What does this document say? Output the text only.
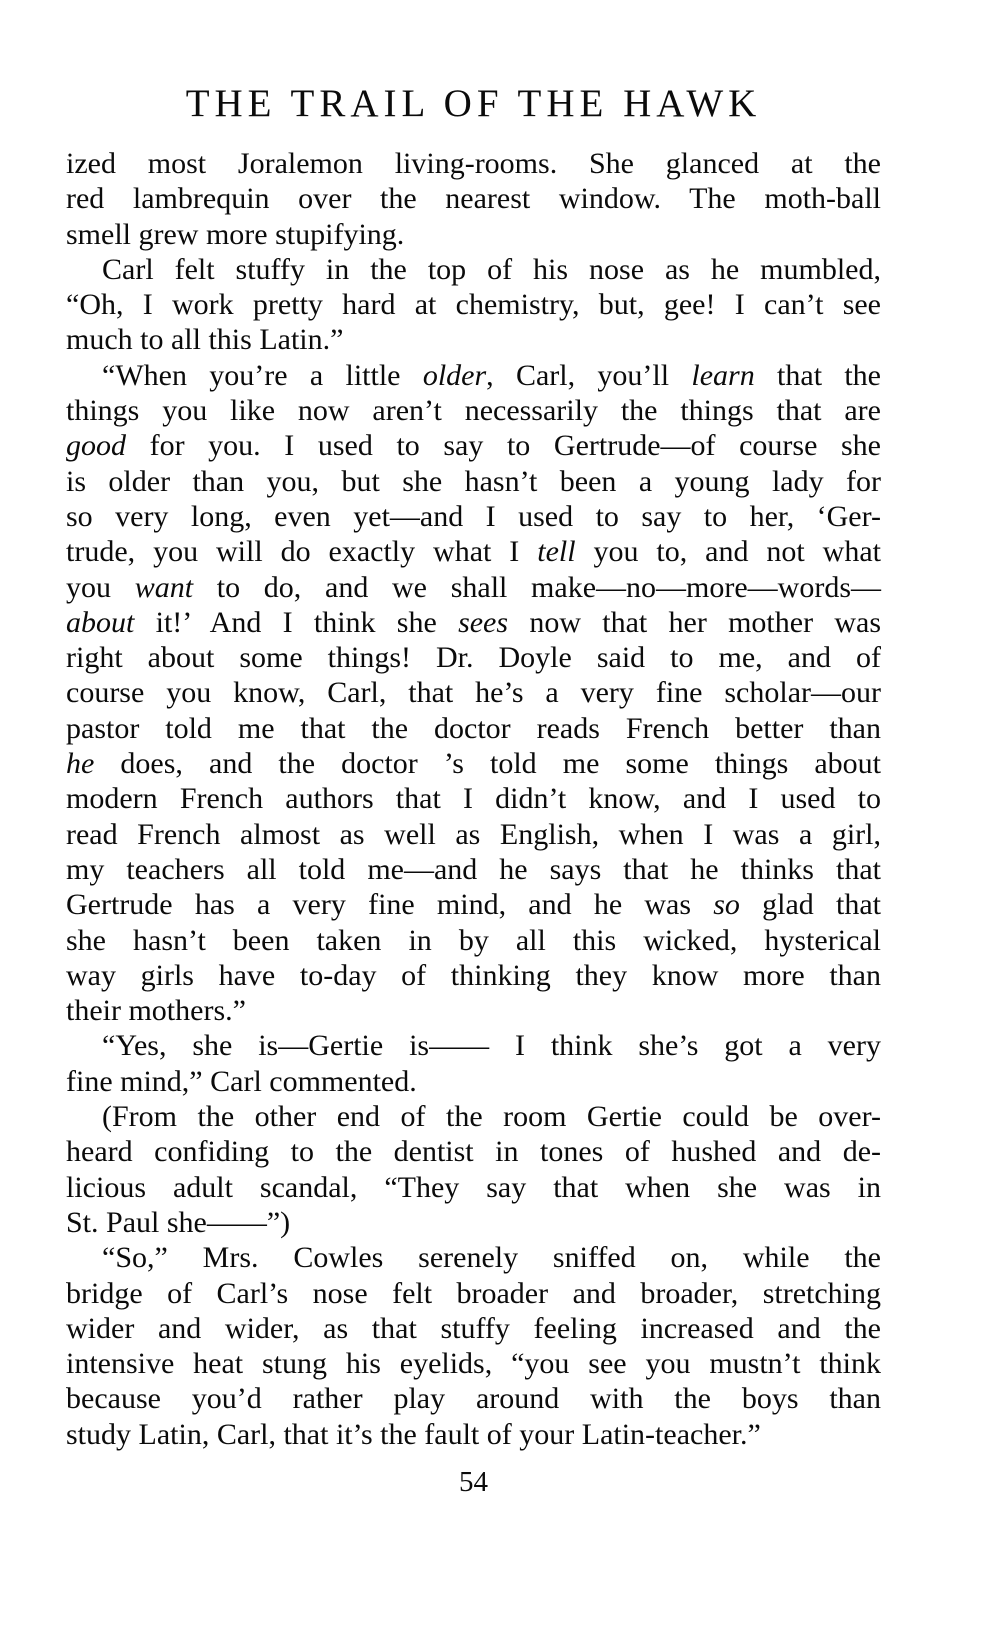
THE TRAIL OF THE HAWK
ized most Joralemon living-rooms. She glanced at the
red lambrequin over the nearest window. The moth-ball
smell grew more stupifying.
Carl felt stuffy in the top of his nose as he mumbled,
“Oh, I work pretty hard at chemistry, but, gee! I can’t see
much to all this Latin.”
“When you’re a little older, Carl, you’ll learn that the
things you like now aren’t necessarily the things that are
good for you. I used to say to Gertrude—of course she
is older than you, but she hasn’t been a young lady for
so very long, even yet—and I used to say to her, ‘Ger-
trude, you will do exactly what I tell you to, and not what
you want to do, and we shall make—no—more—words—
about it!’ And I think she sees now that her mother was
right about some things! Dr. Doyle said to me, and of
course you know, Carl, that he’s a very fine scholar—our
pastor told me that the doctor reads French better than
he does, and the doctor ’s told me some things about
modern French authors that I didn’t know, and I used to
read French almost as well as English, when I was a girl,
my teachers all told me—and he says that he thinks that
Gertrude has a very fine mind, and he was so glad that
she hasn’t been taken in by all this wicked, hysterical
way girls have to-day of thinking they know more than
their mothers.”
“Yes, she is—Gertie is—— I think she’s got a very
fine mind,” Carl commented.
(From the other end of the room Gertie could be over-
heard confiding to the dentist in tones of hushed and de-
licious adult scandal, “They say that when she was in
St. Paul she——”)
“So,” Mrs. Cowles serenely sniffed on, while the
bridge of Carl’s nose felt broader and broader, stretching
wider and wider, as that stuffy feeling increased and the
intensive heat stung his eyelids, “you see you mustn’t think
because you’d rather play around with the boys than
study Latin, Carl, that it’s the fault of your Latin-teacher.”
54
